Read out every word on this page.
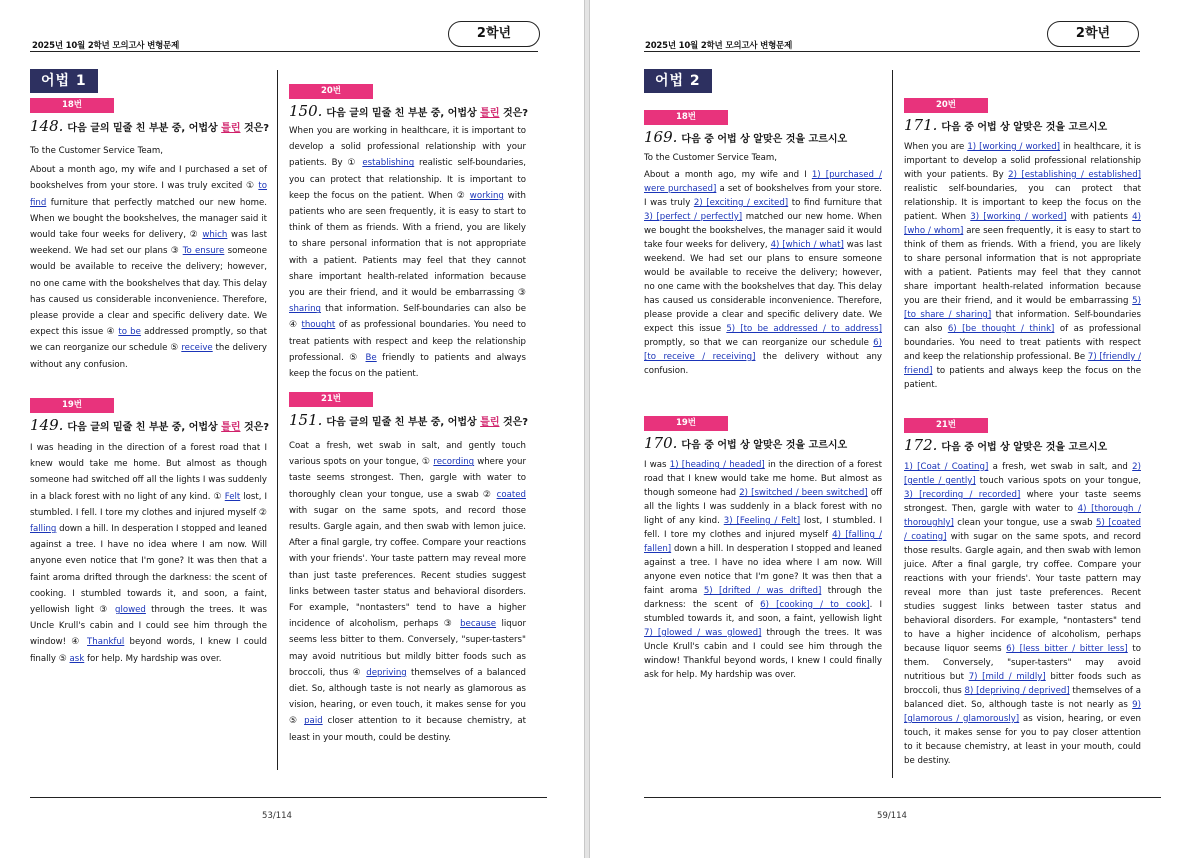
2025년 10월 2학년 모의고사 변형문제
2학년
어법 1
18번
148. 다음 글의 밑줄 친 부분 중, 어법상 틀린 것은?
To the Customer Service Team,
About a month ago, my wife and I purchased a set of bookshelves from your store. I was truly excited ① to find furniture that perfectly matched our new home. When we bought the bookshelves, the manager said it would take four weeks for delivery, ② which was last weekend. We had set our plans ③ To ensure someone would be available to receive the delivery; however, no one came with the bookshelves that day. This delay has caused us considerable inconvenience. Therefore, please provide a clear and specific delivery date. We expect this issue ④ to be addressed promptly, so that we can reorganize our schedule ⑤ receive the delivery without any confusion.
19번
149. 다음 글의 밑줄 친 부분 중, 어법상 틀린 것은?
I was heading in the direction of a forest road that I knew would take me home. But almost as though someone had switched off all the lights I was suddenly in a black forest with no light of any kind. ① Felt lost, I stumbled. I fell. I tore my clothes and injured myself ② falling down a hill. In desperation I stopped and leaned against a tree. I have no idea where I am now. Will anyone even notice that I'm gone? It was then that a faint aroma drifted through the darkness: the scent of cooking. I stumbled towards it, and soon, a faint, yellowish light ③ glowed through the trees. It was Uncle Krull's cabin and I could see him through the window! ④ Thankful beyond words, I knew I could finally ⑤ ask for help. My hardship was over.
20번
150. 다음 글의 밑줄 친 부분 중, 어법상 틀린 것은?
When you are working in healthcare, it is important to develop a solid professional relationship with your patients. By ① establishing realistic self-boundaries, you can protect that relationship. It is important to keep the focus on the patient. When ② working with patients who are seen frequently, it is easy to start to think of them as friends. With a friend, you are likely to share personal information that is not appropriate with a patient. Patients may feel that they cannot share important health-related information because you are their friend, and it would be embarrassing ③ sharing that information. Self-boundaries can also be ④ thought of as professional boundaries. You need to treat patients with respect and keep the relationship professional. ⑤ Be friendly to patients and always keep the focus on the patient.
21번
151. 다음 글의 밑줄 친 부분 중, 어법상 틀린 것은?
Coat a fresh, wet swab in salt, and gently touch various spots on your tongue, ① recording where your taste seems strongest. Then, gargle with water to thoroughly clean your tongue, use a swab ② coated with sugar on the same spots, and record those results. Gargle again, and then swab with lemon juice. After a final gargle, try coffee. Compare your reactions with your friends'. Your taste pattern may reveal more than just taste preferences. Recent studies suggest links between taster status and behavioral disorders. For example, "nontasters" tend to have a higher incidence of alcoholism, perhaps ③ because liquor seems less bitter to them. Conversely, "super-tasters" may avoid nutritious but mildly bitter foods such as broccoli, thus ④ depriving themselves of a balanced diet. So, although taste is not nearly as glamorous as vision, hearing, or even touch, it makes sense for you ⑤ paid closer attention to it because chemistry, at least in your mouth, could be destiny.
53/114
2025년 10월 2학년 모의고사 변형문제
2학년
어법 2
18번
169. 다음 중 어법 상 알맞은 것을 고르시오
To the Customer Service Team,
About a month ago, my wife and I 1) [purchased / were purchased] a set of bookshelves from your store. I was truly 2) [exciting / excited] to find furniture that 3) [perfect / perfectly] matched our new home. When we bought the bookshelves, the manager said it would take four weeks for delivery, 4) [which / what] was last weekend. We had set our plans to ensure someone would be available to receive the delivery; however, no one came with the bookshelves that day. This delay has caused us considerable inconvenience. Therefore, please provide a clear and specific delivery date. We expect this issue 5) [to be addressed / to address] promptly, so that we can reorganize our schedule 6) [to receive / receiving] the delivery without any confusion.
19번
170. 다음 중 어법 상 알맞은 것을 고르시오
I was 1) [heading / headed] in the direction of a forest road that I knew would take me home. But almost as though someone had 2) [switched / been switched] off all the lights I was suddenly in a black forest with no light of any kind. 3) [Feeling / Felt] lost, I stumbled. I fell. I tore my clothes and injured myself 4) [falling / fallen] down a hill. In desperation I stopped and leaned against a tree. I have no idea where I am now. Will anyone even notice that I'm gone? It was then that a faint aroma 5) [drifted / was drifted] through the darkness: the scent of 6) [cooking / to cook]. I stumbled towards it, and soon, a faint, yellowish light 7) [glowed / was glowed] through the trees. It was Uncle Krull's cabin and I could see him through the window! Thankful beyond words, I knew I could finally ask for help. My hardship was over.
20번
171. 다음 중 어법 상 알맞은 것을 고르시오
When you are 1) [working / worked] in healthcare, it is important to develop a solid professional relationship with your patients. By 2) [establishing / established] realistic self-boundaries, you can protect that relationship. It is important to keep the focus on the patient. When 3) [working / worked] with patients 4) [who / whom] are seen frequently, it is easy to start to think of them as friends. With a friend, you are likely to share personal information that is not appropriate with a patient. Patients may feel that they cannot share important health-related information because you are their friend, and it would be embarrassing 5) [to share / sharing] that information. Self-boundaries can also 6) [be thought / think] of as professional boundaries. You need to treat patients with respect and keep the relationship professional. Be 7) [friendly / friend] to patients and always keep the focus on the patient.
21번
172. 다음 중 어법 상 알맞은 것을 고르시오
1) [Coat / Coating] a fresh, wet swab in salt, and 2) [gentle / gently] touch various spots on your tongue, 3) [recording / recorded] where your taste seems strongest. Then, gargle with water to 4) [thorough / thoroughly] clean your tongue, use a swab 5) [coated / coating] with sugar on the same spots, and record those results. Gargle again, and then swab with lemon juice. After a final gargle, try coffee. Compare your reactions with your friends'. Your taste pattern may reveal more than just taste preferences. Recent studies suggest links between taster status and behavioral disorders. For example, "nontasters" tend to have a higher incidence of alcoholism, perhaps because liquor seems 6) [less bitter / bitter less] to them. Conversely, "super-tasters" may avoid nutritious but 7) [mild / mildly] bitter foods such as broccoli, thus 8) [depriving / deprived] themselves of a balanced diet. So, although taste is not nearly as 9) [glamorous / glamorously] as vision, hearing, or even touch, it makes sense for you to pay closer attention to it because chemistry, at least in your mouth, could be destiny.
59/114
